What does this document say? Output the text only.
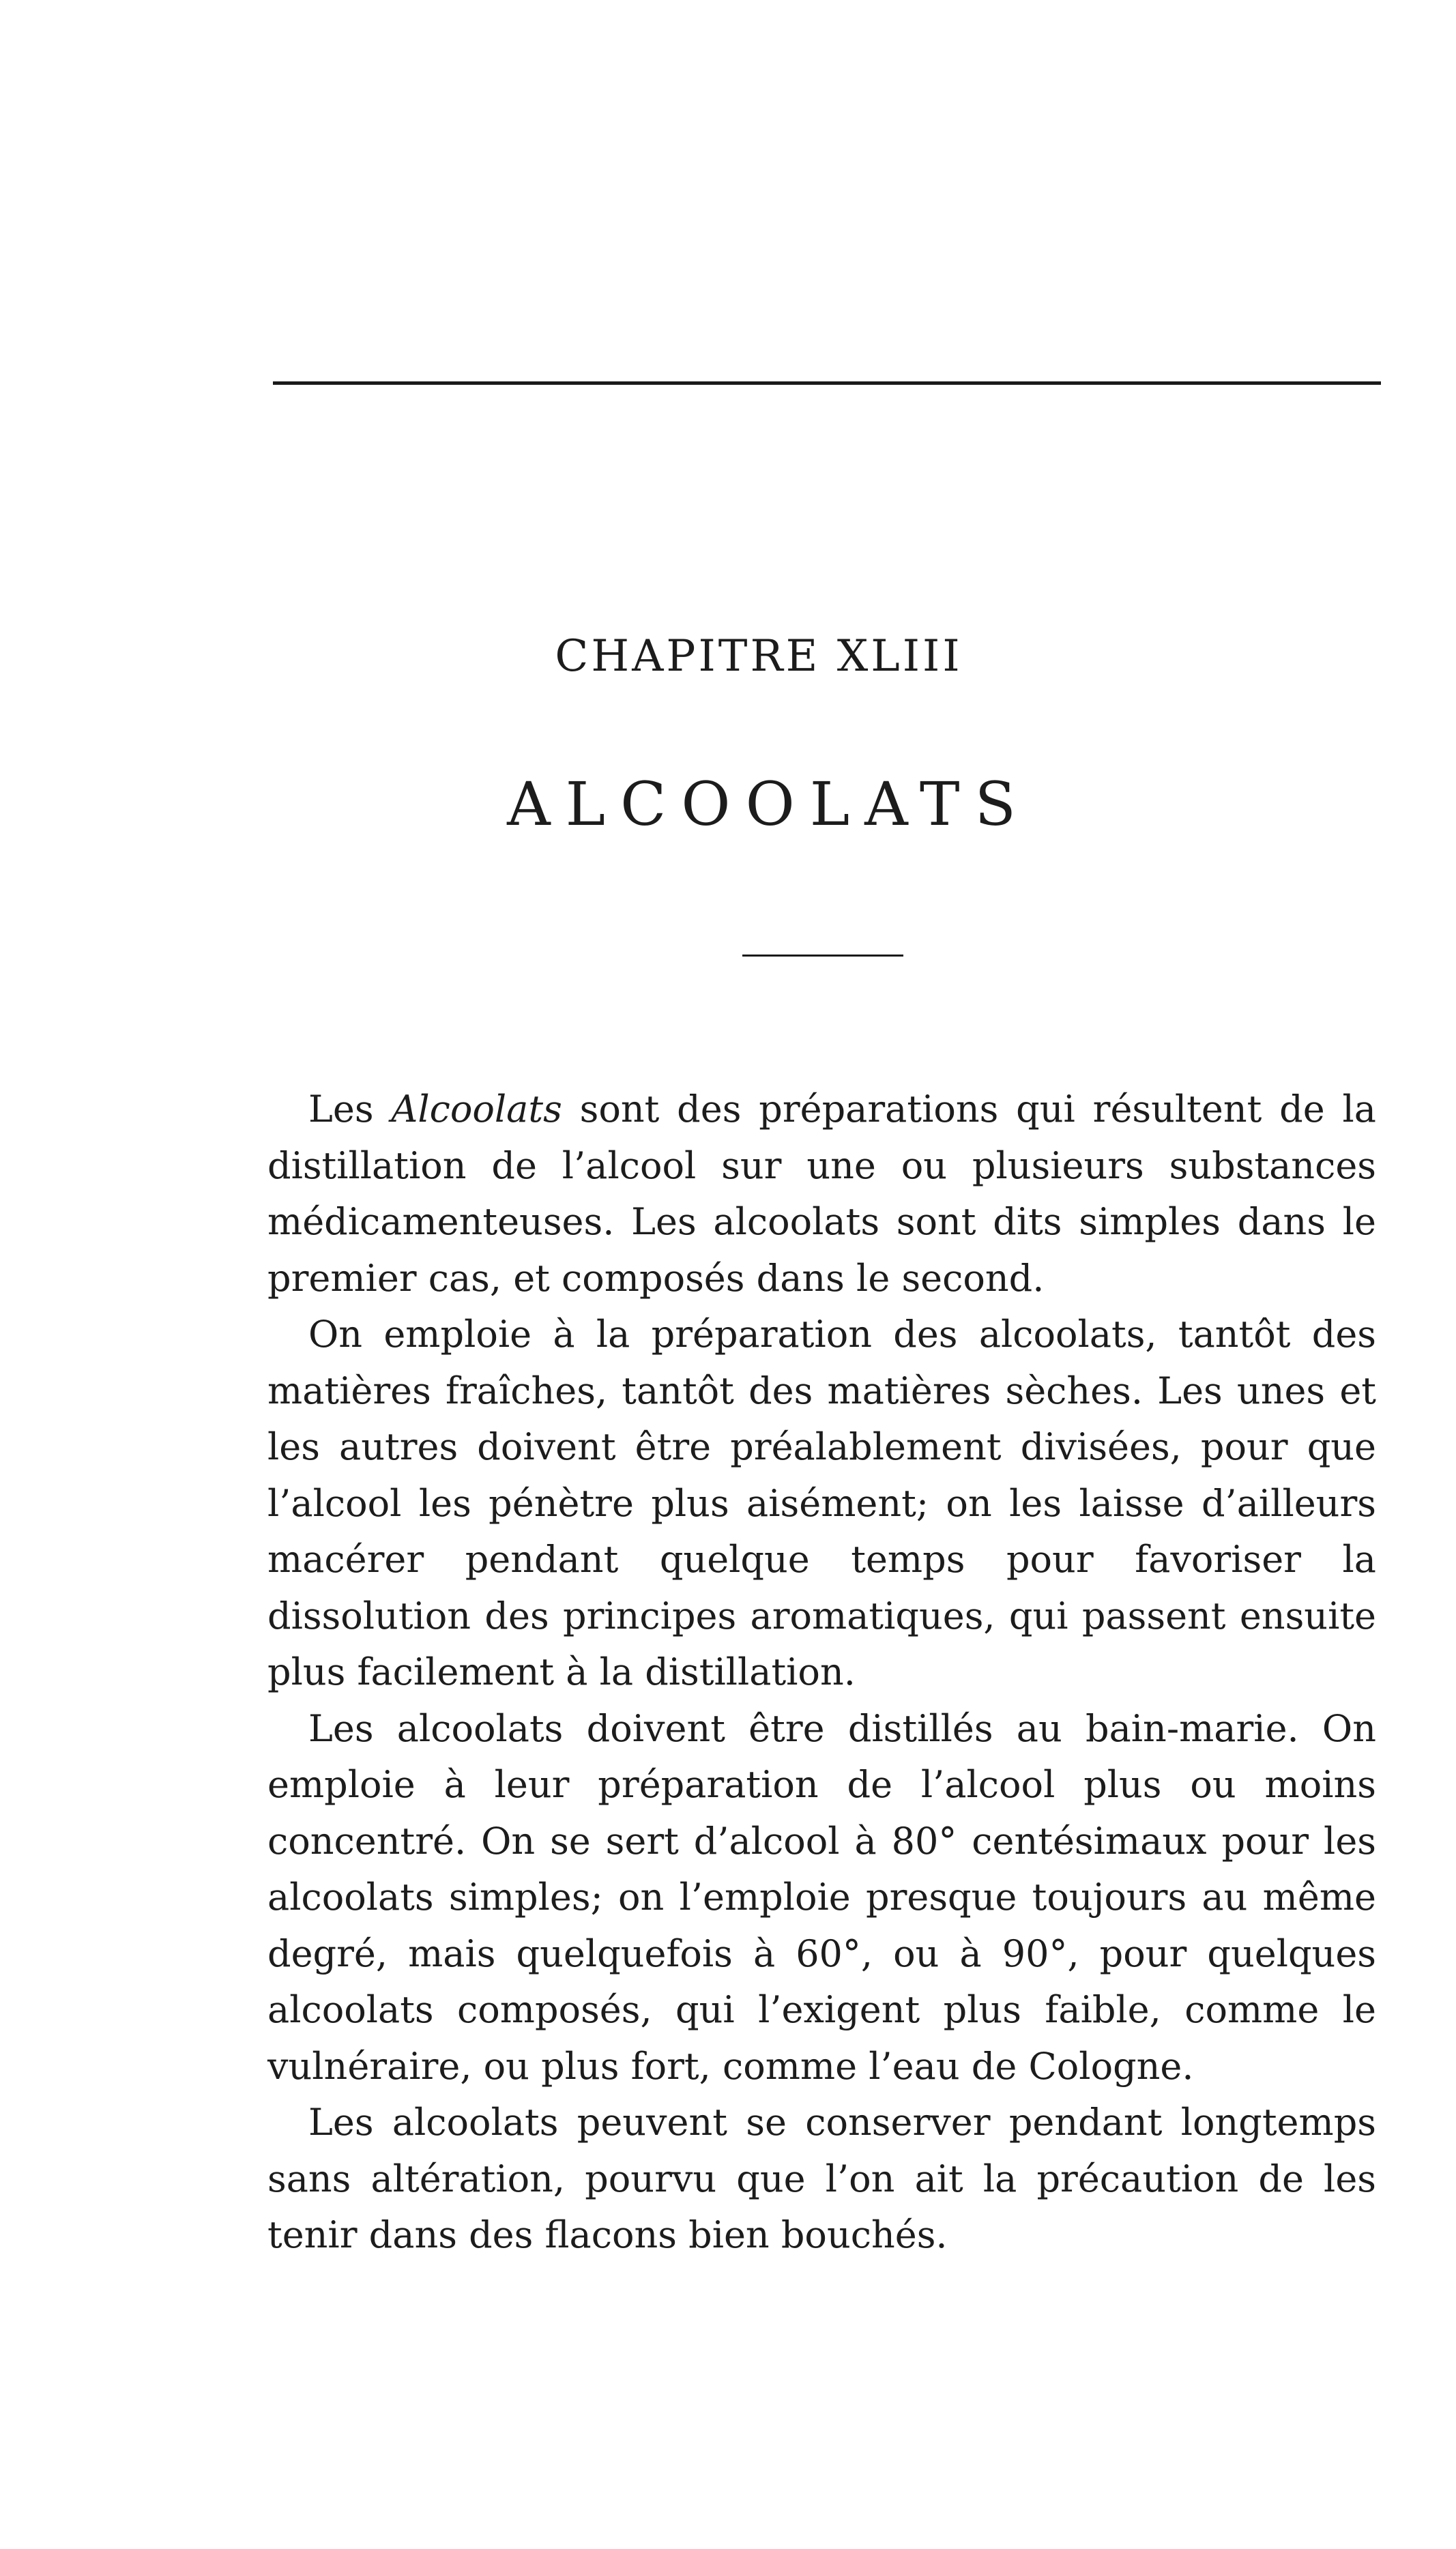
CHAPITRE XLIII
ALCOOLATS

Les Alcoolats sont des préparations qui résultent de la distillation de l’alcool sur une ou plusieurs substances médicamenteuses. Les alcoolats sont dits simples dans le premier cas, et composés dans le second.

On emploie à la préparation des alcoolats, tantôt des matières fraîches, tantôt des matières sèches. Les unes et les autres doivent être préalablement divisées, pour que l’alcool les pénètre plus aisément; on les laisse d’ailleurs macérer pendant quelque temps pour favoriser la dissolution des principes aromatiques, qui passent ensuite plus facilement à la distillation.

Les alcoolats doivent être distillés au bain-marie. On emploie à leur préparation de l’alcool plus ou moins concentré. On se sert d’alcool à 80° centésimaux pour les alcoolats simples; on l’emploie presque toujours au même degré, mais quelquefois à 60°, ou à 90°, pour quelques alcoolats composés, qui l’exigent plus faible, comme le vulnéraire, ou plus fort, comme l’eau de Cologne.

Les alcoolats peuvent se conserver pendant longtemps sans altération, pourvu que l’on ait la précaution de les tenir dans des flacons bien bouchés.
